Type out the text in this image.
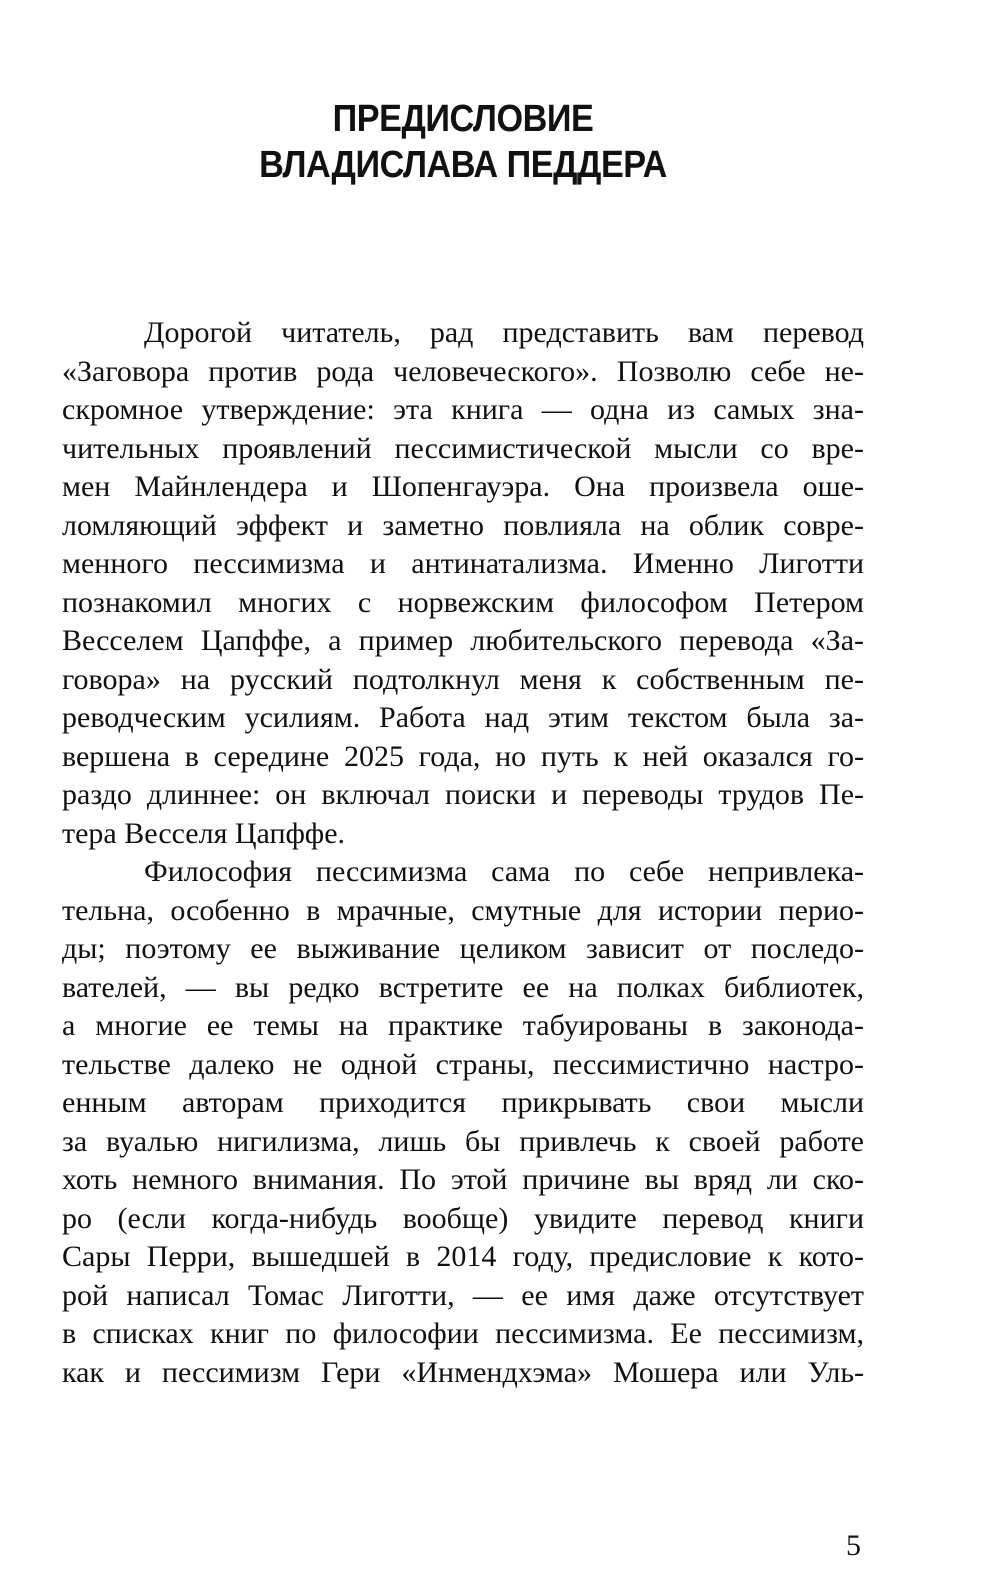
ПРЕДИСЛОВИЕ
ВЛАДИСЛАВА ПЕДДЕРА
Дорогой читатель, рад представить вам перевод
«Заговора против рода человеческого». Позволю себе не-
скромное утверждение: эта книга — одна из самых зна-
чительных проявлений пессимистической мысли со вре-
мен Майнлендера и Шопенгауэра. Она произвела оше-
ломляющий эффект и заметно повлияла на облик совре-
менного пессимизма и антинатализма. Именно Лиготти
познакомил многих с норвежским философом Петером
Весселем Цапффе, а пример любительского перевода «За-
говора» на русский подтолкнул меня к собственным пе-
реводческим усилиям. Работа над этим текстом была за-
вершена в середине 2025 года, но путь к ней оказался го-
раздо длиннее: он включал поиски и переводы трудов Пе-
тера Весселя Цапффе.
Философия пессимизма сама по себе непривлека-
тельна, особенно в мрачные, смутные для истории перио-
ды; поэтому ее выживание целиком зависит от последо-
вателей, — вы редко встретите ее на полках библиотек,
а многие ее темы на практике табуированы в законода-
тельстве далеко не одной страны, пессимистично настро-
енным авторам приходится прикрывать свои мысли
за вуалью нигилизма, лишь бы привлечь к своей работе
хоть немного внимания. По этой причине вы вряд ли ско-
ро (если когда-нибудь вообще) увидите перевод книги
Сары Перри, вышедшей в 2014 году, предисловие к кото-
рой написал Томас Лиготти, — ее имя даже отсутствует
в списках книг по философии пессимизма. Ее пессимизм,
как и пессимизм Гери «Инмендхэма» Мошера или Уль-
5
